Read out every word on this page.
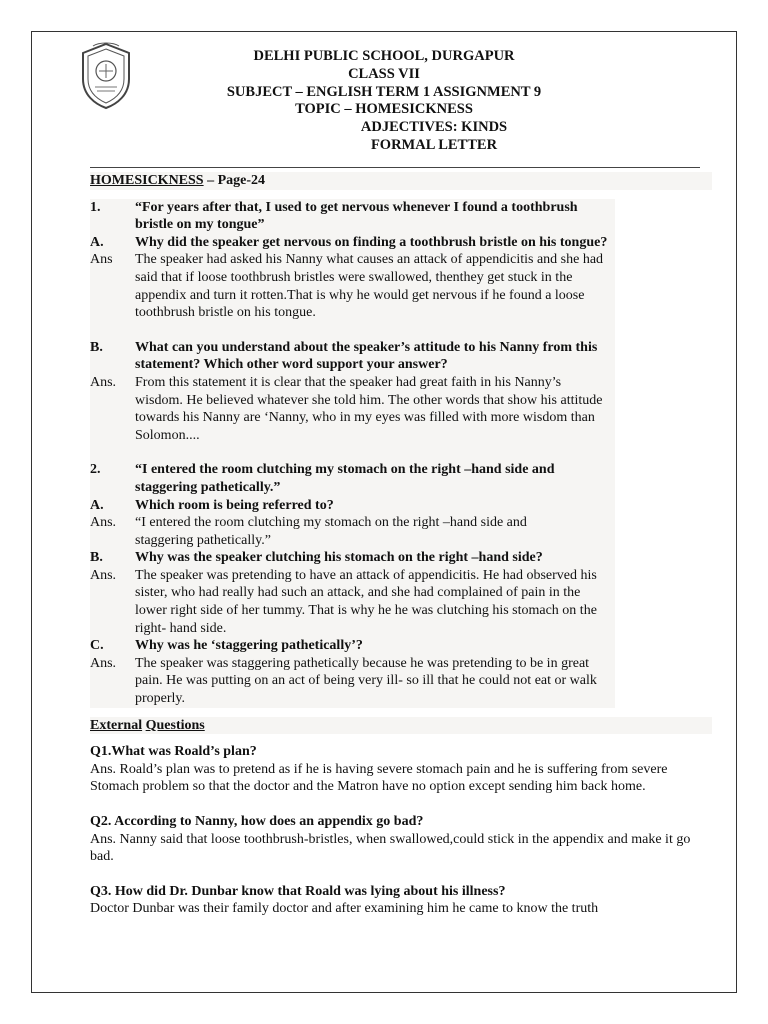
DELHI PUBLIC SCHOOL, DURGAPUR
CLASS VII
SUBJECT – ENGLISH TERM 1 ASSIGNMENT 9
TOPIC – HOMESICKNESS
ADJECTIVES: KINDS
FORMAL LETTER
HOMESICKNESS – Page-24
1.	“For years after that, I used to get nervous whenever I found a toothbrush bristle on my tongue”
A.	Why did the speaker get nervous on finding a toothbrush bristle on his tongue?
Ans	The speaker had asked his Nanny what causes an attack of appendicitis and she had said that if loose toothbrush bristles were swallowed, thenthey get stuck in the appendix and turn it rotten.That is why he would get nervous if he found a loose toothbrush bristle on his tongue.
B.	What can you understand about the speaker’s attitude to his Nanny from this statement? Which other word support your answer?
Ans.	From this statement it is clear that the speaker had great faith in his Nanny’s wisdom. He believed whatever she told him. The other words that show his attitude towards his Nanny are ‘Nanny, who in my eyes was filled with more wisdom than Solomon....
2.	“I entered the room clutching my stomach on the right –hand side and staggering pathetically.”
A.	Which room is being referred to?
Ans.	“I entered the room clutching my stomach on the right –hand side and staggering pathetically.”
B.	Why was the speaker clutching his stomach on the right –hand side?
Ans.	The speaker was pretending to have an attack of appendicitis. He had observed his sister, who had really had such an attack, and she had complained of pain in the lower right side of her tummy. That is why he he was clutching his stomach on the right- hand side.
C.	Why was he ‘staggering pathetically’?
Ans.	The speaker was staggering pathetically because he was pretending to be in great pain. He was putting on an act of being very ill- so ill that he could not eat or walk properly.
External Questions
Q1.What was Roald’s plan?
Ans. Roald’s plan was to pretend as if he is having severe stomach pain and he is suffering from severe Stomach problem so that the doctor and the Matron have no option except sending him back home.
Q2. According to Nanny, how does an appendix go bad?
Ans. Nanny said that loose toothbrush-bristles, when swallowed,could stick in the appendix and make it go bad.
Q3. How did Dr. Dunbar know that Roald was lying about his illness?
Doctor Dunbar was their family doctor and after examining him he came to know the truth
